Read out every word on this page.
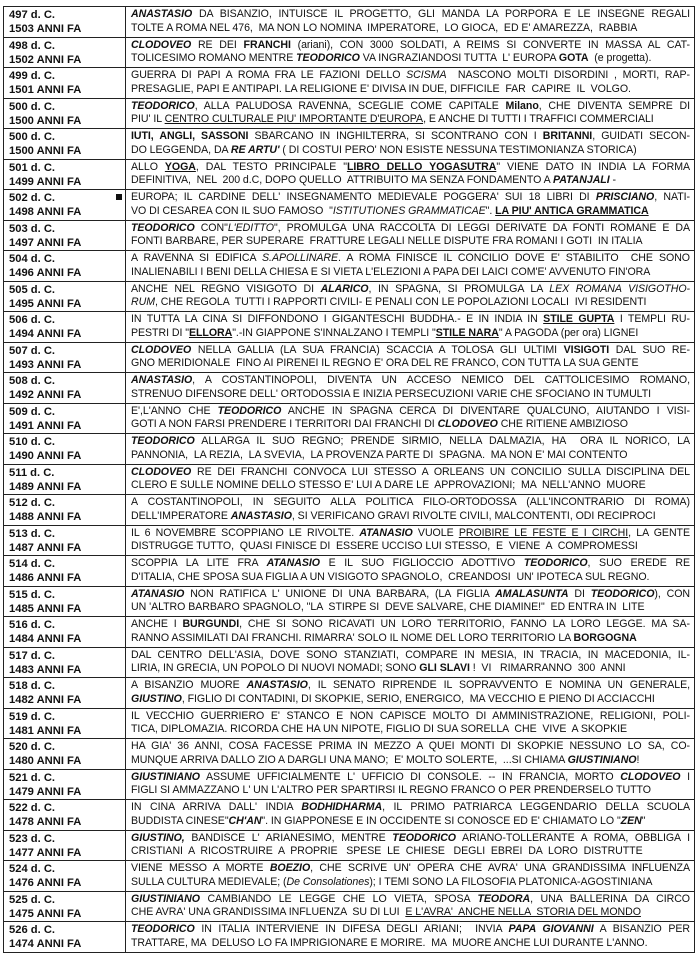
497 d. C.
1503 ANNI FA	ANASTASIO DA BISANZIO, INTUISCE IL PROGETTO, GLI MANDA LA PORPORA E LE INSEGNE REGALI
TOLTE A ROMA NEL 476,  MA NON LO NOMINA  IMPERATORE,  LO GIOCA,  ED E' AMAREZZA,  RABBIA

498 d. C.
1502 ANNI FA	CLODOVEO RE DEI FRANCHI (ariani), CON 3000 SOLDATI, A REIMS SI CONVERTE IN MASSA AL CAT-
TOLICESIMO ROMANO MENTRE TEODORICO VA INGRAZIANDOSI TUTTA  L' EUROPA GOTA  (e progetta).

499 d. C.
1501 ANNI FA	GUERRA DI PAPI A ROMA FRA LE FAZIONI DELLO SCISMA  NASCONO MOLTI DISORDINI , MORTI, RAP-
PRESAGLIE, PAPI E ANTIPAPI. LA RELIGIONE E' DIVISA IN DUE, DIFFICILE  FAR  CAPIRE  IL  VOLGO.

500 d. C.
1500 ANNI FA	TEODORICO, ALLA PALUDOSA RAVENNA, SCEGLIE COME CAPITALE Milano, CHE DIVENTA SEMPRE DI
PIU' IL CENTRO CULTURALE PIU' IMPORTANTE D'EUROPA, E ANCHE DI TUTTI I TRAFFICI COMMERCIALI

500 d. C.
1500 ANNI FA	IUTI, ANGLI, SASSONI SBARCANO IN INGHILTERRA, SI SCONTRANO CON I BRITANNI, GUIDATI SECON-
DO LEGGENDA, DA RE ARTU' ( DI COSTUI PERO' NON ESISTE NESSUNA TESTIMONIANZA STORICA)

501 d. C.
1499 ANNI FA	ALLO YOGA, DAL TESTO PRINCIPALE "LIBRO DELLO YOGASUTRA" VIENE DATO IN INDIA LA FORMA
DEFINITIVA,  NEL  200 d.C, DOPO QUELLO  ATTRIBUITO MA SENZA FONDAMENTO A PATANJALI -

502 d. C.
1498 ANNI FA	EUROPA; IL CARDINE DELL' INSEGNAMENTO MEDIEVALE POGGERA' SUI 18 LIBRI DI PRISCIANO, NATI-
VO DI CESAREA CON IL SUO FAMOSO  "ISTITUTIONES GRAMMATICAE". LA PIU' ANTICA GRAMMATICA

503 d. C.
1497 ANNI FA	TEODORICO CON"L'EDITTO", PROMULGA UNA RACCOLTA DI LEGGI DERIVATE DA FONTI ROMANE E DA
FONTI BARBARE, PER SUPERARE  FRATTURE LEGALI NELLE DISPUTE FRA ROMANI I GOTI  IN ITALIA

504 d. C.
1496 ANNI FA	A RAVENNA SI EDIFICA S.APOLLINARE. A ROMA FINISCE IL CONCILIO DOVE E' STABILITO  CHE SONO
INALIENABILI I BENI DELLA CHIESA E SI VIETA L'ELEZIONI A PAPA DEI LAICI COM'E' AVVENUTO FIN'ORA

505 d. C.
1495 ANNI FA	ANCHE NEL REGNO VISIGOTO DI ALARICO, IN SPAGNA, SI PROMULGA LA LEX ROMANA VISIGOTHO-
RUM, CHE REGOLA  TUTTI I RAPPORTI CIVILI- E PENALI CON LE POPOLAZIONI LOCALI  IVI RESIDENTI

506 d. C.
1494 ANNI FA	IN TUTTA LA CINA SI DIFFONDONO I GIGANTESCHI BUDDHA.- E IN INDIA IN STILE GUPTA I TEMPLI RU-
PESTRI DI "ELLORA".-IN GIAPPONE S'INNALZANO I TEMPLI "STILE NARA" A PAGODA (per ora) LIGNEI

507 d. C.
1493 ANNI FA	CLODOVEO NELLA GALLIA (LA SUA FRANCIA) SCACCIA A TOLOSA GLI ULTIMI VISIGOTI DAL SUO RE-
GNO MERIDIONALE  FINO AI PIRENEI IL REGNO E' ORA DEL RE FRANCO, CON TUTTA LA SUA GENTE

508 d. C.
1492 ANNI FA	ANASTASIO, A COSTANTINOPOLI, DIVENTA UN ACCESO NEMICO DEL CATTOLICESIMO ROMANO,
STRENUO DIFENSORE DELL' ORTODOSSIA E INIZIA PERSECUZIONI VARIE CHE SFOCIANO IN TUMULTI

509 d. C.
1491 ANNI FA	E',L'ANNO CHE TEODORICO ANCHE IN SPAGNA CERCA DI DIVENTARE QUALCUNO, AIUTANDO I VISI-
GOTI A NON FARSI PRENDERE I TERRITORI DAI FRANCHI DI CLODOVEO CHE RITIENE AMBIZIOSO

510 d. C.
1490 ANNI FA	TEODORICO ALLARGA IL SUO REGNO; PRENDE SIRMIO, NELLA DALMAZIA, HA  ORA IL NORICO, LA
PANNONIA,  LA REZIA,  LA SVEVIA,  LA PROVENZA PARTE DI  SPAGNA.  MA NON E' MAI CONTENTO

511 d. C.
1489 ANNI FA	CLODOVEO RE DEI FRANCHI CONVOCA LUI STESSO A ORLEANS UN CONCILIO SULLA DISCIPLINA DEL
CLERO E SULLE NOMINE DELLO STESSO E' LUI A DARE LE  APPROVAZIONI;  MA  NELL'ANNO  MUORE

512 d. C.
1488 ANNI FA	A  COSTANTINOPOLI,  IN  SEGUITO  ALLA  POLITICA  FILO-ORTODOSSA  (ALL'INCONTRARIO  DI  ROMA)
DELL'IMPERATORE ANASTASIO, SI VERIFICANO GRAVI RIVOLTE CIVILI, MALCONTENTI, ODI RECIPROCI

513 d. C.
1487 ANNI FA	IL 6 NOVEMBRE SCOPPIANO LE RIVOLTE. ATANASIO VUOLE PROIBIRE LE FESTE E I CIRCHI, LA GENTE
DISTRUGGE TUTTO,  QUASI FINISCE DI  ESSERE UCCISO LUI STESSO,  E  VIENE  A  COMPROMESSI

514 d. C.
1486 ANNI FA	SCOPPIA  LA  LITE  FRA  ATANASIO  E  IL  SUO  FIGLIOCCIO  ADOTTIVO  TEODORICO,  SUO  EREDE  RE
D'ITALIA, CHE SPOSA SUA FIGLIA A UN VISIGOTO SPAGNOLO,  CREANDOSI  UN' IPOTECA SUL REGNO.

515 d. C.
1485 ANNI FA	ATANASIO NON RATIFICA L' UNIONE DI UNA BARBARA, (LA FIGLIA AMALASUNTA DI TEODORICO), CON
UN 'ALTRO BARBARO SPAGNOLO, "LA  STIRPE SI  DEVE SALVARE, CHE DIAMINE!"  ED ENTRA IN  LITE

516 d. C.
1484 ANNI FA	ANCHE I BURGUNDI, CHE SI SONO RICAVATI UN LORO TERRITORIO, FANNO LA LORO LEGGE. MA SA-
RANNO ASSIMILATI DAI FRANCHI. RIMARRA' SOLO IL NOME DEL LORO TERRITORIO LA BORGOGNA

517 d. C.
1483 ANNI FA	DAL CENTRO DELL'ASIA, DOVE SONO STANZIATI, COMPARE IN MESIA, IN TRACIA, IN MACEDONIA, IL-
LIRIA, IN GRECIA, UN POPOLO DI NUOVI NOMADI; SONO GLI SLAVI !  VI   RIMARRANNO  300  ANNI

518 d. C.
1482 ANNI FA	A BISANZIO MUORE ANASTASIO, IL SENATO RIPRENDE IL SOPRAVVENTO E NOMINA UN GENERALE,
GIUSTINO, FIGLIO DI CONTADINI, DI SKOPKIE, SERIO, ENERGICO,  MA VECCHIO E PIENO DI ACCIACCHI

519 d. C.
1481 ANNI FA	IL VECCHIO GUERRIERO E' STANCO E NON CAPISCE MOLTO DI AMMINISTRAZIONE, RELIGIONI, POLI-
TICA, DIPLOMAZIA. RICORDA CHE HA UN NIPOTE, FIGLIO DI SUA SORELLA  CHE  VIVE  A SKOPKIE

520 d. C.
1480 ANNI FA	HA GIA' 36 ANNI, COSA FACESSE PRIMA IN MEZZO A QUEI MONTI DI SKOPKIE NESSUNO LO SA, CO-
MUNQUE ARRIVA DALLO ZIO A DARGLI UNA MANO;  E' MOLTO SOLERTE,  ...SI CHIAMA GIUSTINIANO!

521 d. C.
1479 ANNI FA	GIUSTINIANO ASSUME UFFICIALMENTE L' UFFICIO DI CONSOLE. -- IN FRANCIA, MORTO CLODOVEO I
FIGLI SI AMMAZZANO L' UN L'ALTRO PER SPARTIRSI IL REGNO FRANCO O PER PRENDERSELO TUTTO

522 d. C.
1478 ANNI FA	IN  CINA  ARRIVA  DALL'  INDIA  BODHIDHARMA,  IL  PRIMO  PATRIARCA  LEGGENDARIO  DELLA  SCUOLA
BUDDISTA CINESE"CH'AN". IN GIAPPONESE E IN OCCIDENTE SI CONOSCE ED E' CHIAMATO LO "ZEN"

523 d. C.
1477 ANNI FA	GIUSTINO, BANDISCE L' ARIANESIMO, MENTRE TEODORICO ARIANO-TOLLERANTE A ROMA, OBBLIGA I
CRISTIANI  A  RICOSTRUIRE  A  PROPRIE   SPESE  LE  CHIESE   DEGLI  EBREI  DA  LORO  DISTRUTTE

524 d. C.
1476 ANNI FA	VIENE MESSO A MORTE BOEZIO, CHE SCRIVE UN' OPERA CHE AVRA' UNA GRANDISSIMA INFLUENZA
SULLA CULTURA MEDIEVALE; (De Consolationes); I TEMI SONO LA FILOSOFIA PLATONICA-AGOSTINIANA

525 d. C.
1475 ANNI FA	GIUSTINIANO CAMBIANDO LE LEGGE CHE LO VIETA, SPOSA TEODORA, UNA BALLERINA DA CIRCO
CHE AVRA' UNA GRANDISSIMA INFLUENZA  SU DI LUI  E L'AVRA'  ANCHE NELLA  STORIA DEL MONDO

526 d. C.
1474 ANNI FA	TEODORICO IN ITALIA INTERVIENE IN DIFESA DEGLI ARIANI;  INVIA PAPA GIOVANNI A BISANZIO PER
TRATTARE, MA  DELUSO LO FA IMPRIGIONARE E MORIRE.  MA  MUORE ANCHE LUI DURANTE L'ANNO.
